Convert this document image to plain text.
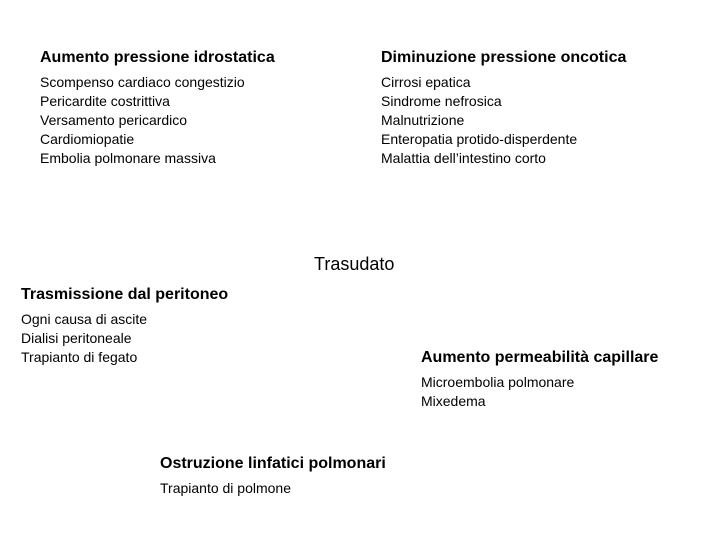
Aumento pressione idrostatica
Scompenso cardiaco congestizio
Pericardite costrittiva
Versamento pericardico
Cardiomiopatie
Embolia polmonare massiva
Diminuzione pressione oncotica
Cirrosi epatica
Sindrome nefrosica
Malnutrizione
Enteropatia protido-disperdente
Malattia dell’intestino corto
Trasudato
Trasmissione dal peritoneo
Ogni causa di ascite
Dialisi peritoneale
Trapianto di fegato	Aumento permeabilità capillare
Microembolia polmonare
Mixedema
Ostruzione linfatici polmonari
Trapianto di polmone
